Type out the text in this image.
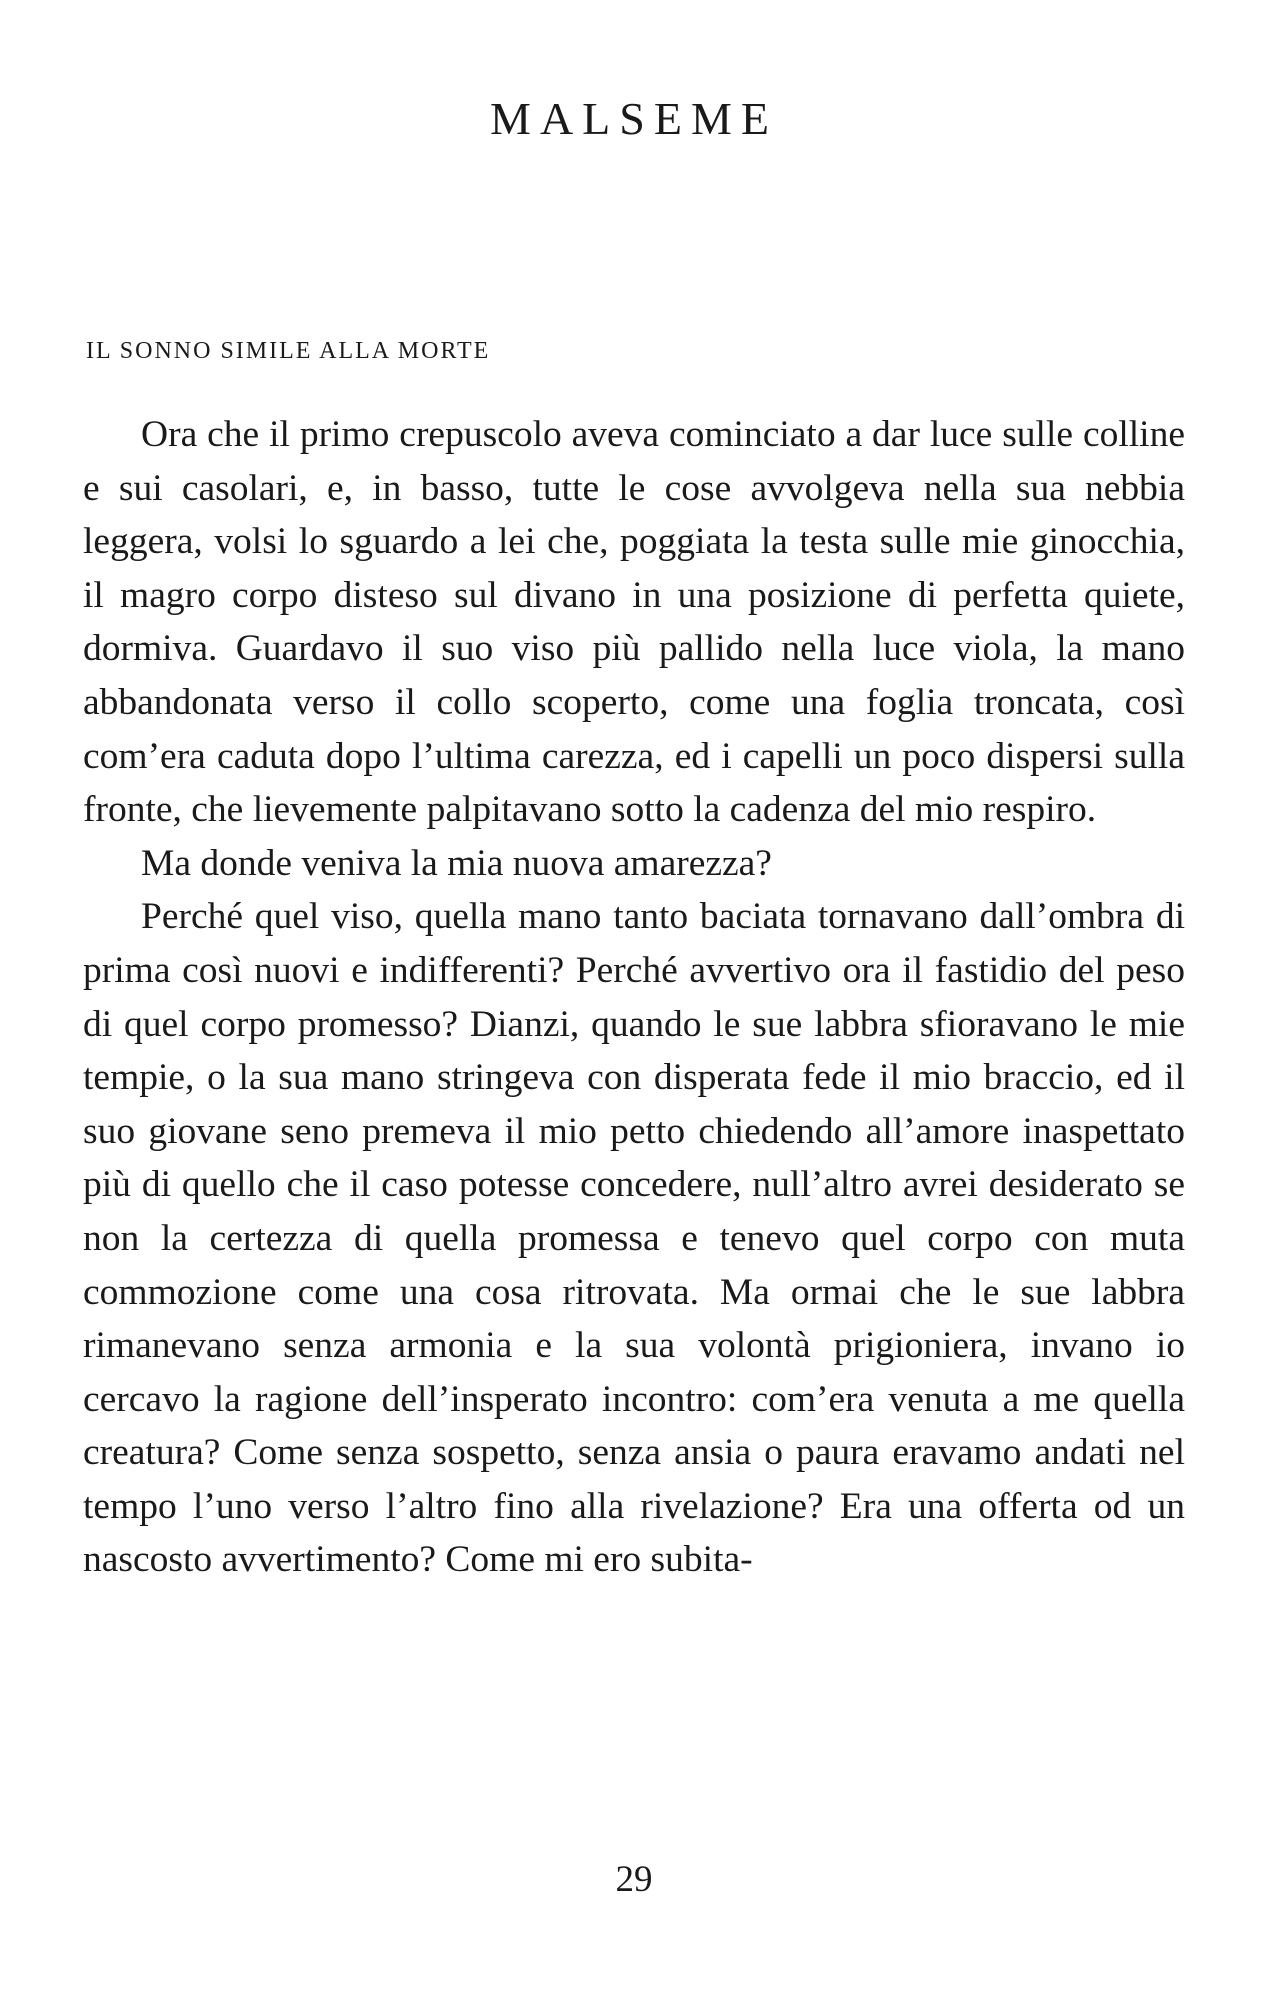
MALSEME
IL SONNO SIMILE ALLA MORTE

Ora che il primo crepuscolo aveva cominciato a dar luce sulle colline e sui casolari, e, in basso, tutte le cose avvolgeva nella sua nebbia leggera, volsi lo sguardo a lei che, poggiata la testa sulle mie ginocchia, il magro corpo disteso sul divano in una posizione di perfetta quiete, dormiva. Guardavo il suo viso più pallido nella luce viola, la mano abbandonata verso il collo scoperto, come una foglia troncata, così com’era caduta dopo l’ultima carezza, ed i capelli un poco dispersi sulla fronte, che lievemente palpitavano sotto la cadenza del mio respiro.

Ma donde veniva la mia nuova amarezza?

Perché quel viso, quella mano tanto baciata tornavano dall’ombra di prima così nuovi e indifferenti? Perché avvertivo ora il fastidio del peso di quel corpo promesso? Dianzi, quando le sue labbra sfioravano le mie tempie, o la sua mano stringeva con disperata fede il mio braccio, ed il suo giovane seno premeva il mio petto chiedendo all’amore inaspettato più di quello che il caso potesse concedere, null’altro avrei desiderato se non la certezza di quella promessa e tenevo quel corpo con muta commozione come una cosa ritrovata. Ma ormai che le sue labbra rimanevano senza armonia e la sua volontà prigioniera, invano io cercavo la ragione dell’insperato incontro: com’era venuta a me quella creatura? Come senza sospetto, senza ansia o paura eravamo andati nel tempo l’uno verso l’altro fino alla rivelazione? Era una offerta od un nascosto avvertimento? Come mi ero subita-

29
